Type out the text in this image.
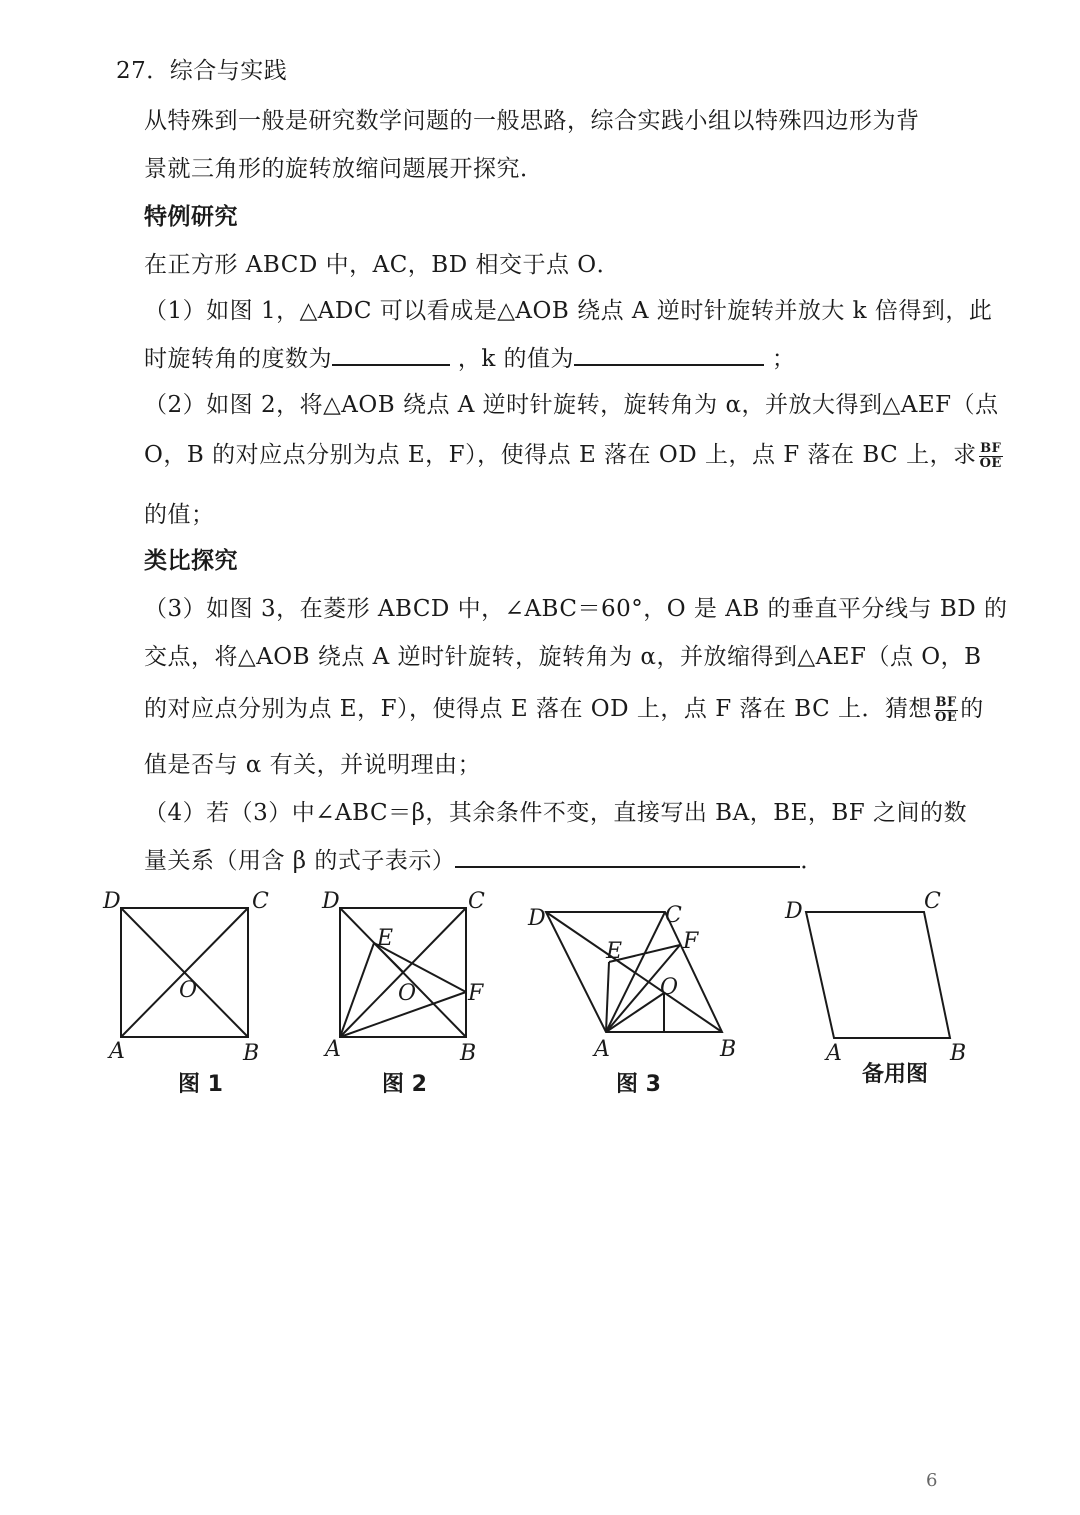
27．综合与实践
从特殊到一般是研究数学问题的一般思路，综合实践小组以特殊四边形为背
景就三角形的旋转放缩问题展开探究．
特例研究
在正方形 ABCD 中，AC，BD 相交于点 O．
（1）如图 1，△ADC 可以看成是△AOB 绕点 A 逆时针旋转并放大 k 倍得到，此
时旋转角的度数为	，k 的值为	；
（2）如图 2，将△AOB 绕点 A 逆时针旋转，旋转角为 α，并放大得到△AEF（点
O，B 的对应点分别为点 E，F），使得点 E 落在 OD 上，点 F 落在 BC 上，求 $\frac{BF}{OE}$
的值；
类比探究
（3）如图 3，在菱形 ABCD 中，∠ABC＝60°，O 是 AB 的垂直平分线与 BD 的
交点，将△AOB 绕点 A 逆时针旋转，旋转角为 α，并放缩得到△AEF（点 O，B
的对应点分别为点 E，F），使得点 E 落在 OD 上，点 F 落在 BC 上．猜想 $\frac{BF}{OE}$ 的
值是否与 α 有关，并说明理由；
（4）若（3）中∠ABC＝β，其余条件不变，直接写出 BA，BE，BF 之间的数
量关系（用含 β 的式子表示）	．
D	C
A	B
O
图 1
D	C
A	B
E
F
O
图 2
D	C
A	B
E	F
O
图 3
D	C
A	B
备用图
6
